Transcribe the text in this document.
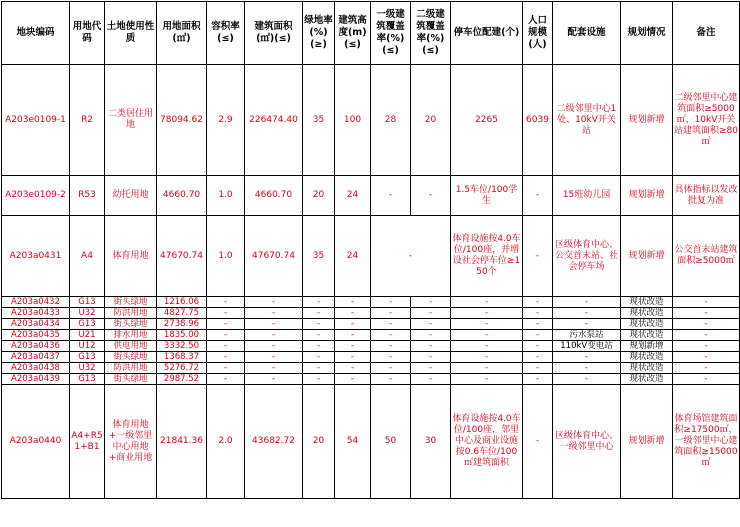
地块编码	用地代码	土地使用性质	用地面积(㎡)	容积率(≤)	建筑面积(㎡)(≤)	绿地率(%)(≥)	建筑高度(m)(≤)	一级建筑覆盖率(%)(≤)	二级建筑覆盖率(%)(≤)	停车位配建(个)	人口规模(人)	配套设施	规划情况	备注
A203e0109-1	R2	二类居住用地	78094.62	2.9	226474.40	35	100	28	20	2265	6039	二级邻里中心1处、10kV开关站	规划新增	二级邻里中心建筑面积≥5000㎡，10kV开关站建筑面积≥80㎡
A203e0109-2	R53	幼托用地	4660.70	1.0	4660.70	20	24	-	-	1.5车位/100学生	-	15班幼儿园	规划新增	具体指标以发改批复为准
A203a0431	A4	体育用地	47670.74	1.0	47670.74	35	24	-		体育设施按4.0车位/100座，并增设社会停车位≥150个	-	区级体育中心、公交首末站、社会停车场	规划新增	公交首末站建筑面积≥5000㎡
A203a0432	G13	街头绿地	1216.06	-	-	-	-	-	-	-	-	-	现状改造	-
A203a0433	U32	防洪用地	4827.75	-	-	-	-	-	-	-	-	-	现状改造	-
A203a0434	G13	街头绿地	2738.96	-	-	-	-	-	-	-	-	-	现状改造	-
A203a0435	U21	排水用地	1835.00	-	-	-	-	-	-	-	-	污水泵站	现状改造	-
A203a0436	U12	供电用地	3332.50	-	-	-	-	-	-	-	-	110kV变电站	规划新增	-
A203a0437	G13	街头绿地	1368.37	-	-	-	-	-	-	-	-	-	现状改造	-
A203a0438	U32	防洪用地	5276.72	-	-	-	-	-	-	-	-	-	现状改造	-
A203a0439	G13	街头绿地	2987.52	-	-	-	-	-	-	-	-	-	现状改造	-
A203a0440	A4+R51+B1	体育用地+一级邻里中心用地+商业用地	21841.36	2.0	43682.72	20	54	50	30	体育设施按4.0车位/100座，邻里中心及商业设施按0.6车位/100㎡建筑面积	-	区级体育中心、一级邻里中心	规划新增	体育场馆建筑面积≥17500㎡，一级邻里中心建筑面积≥15000㎡
